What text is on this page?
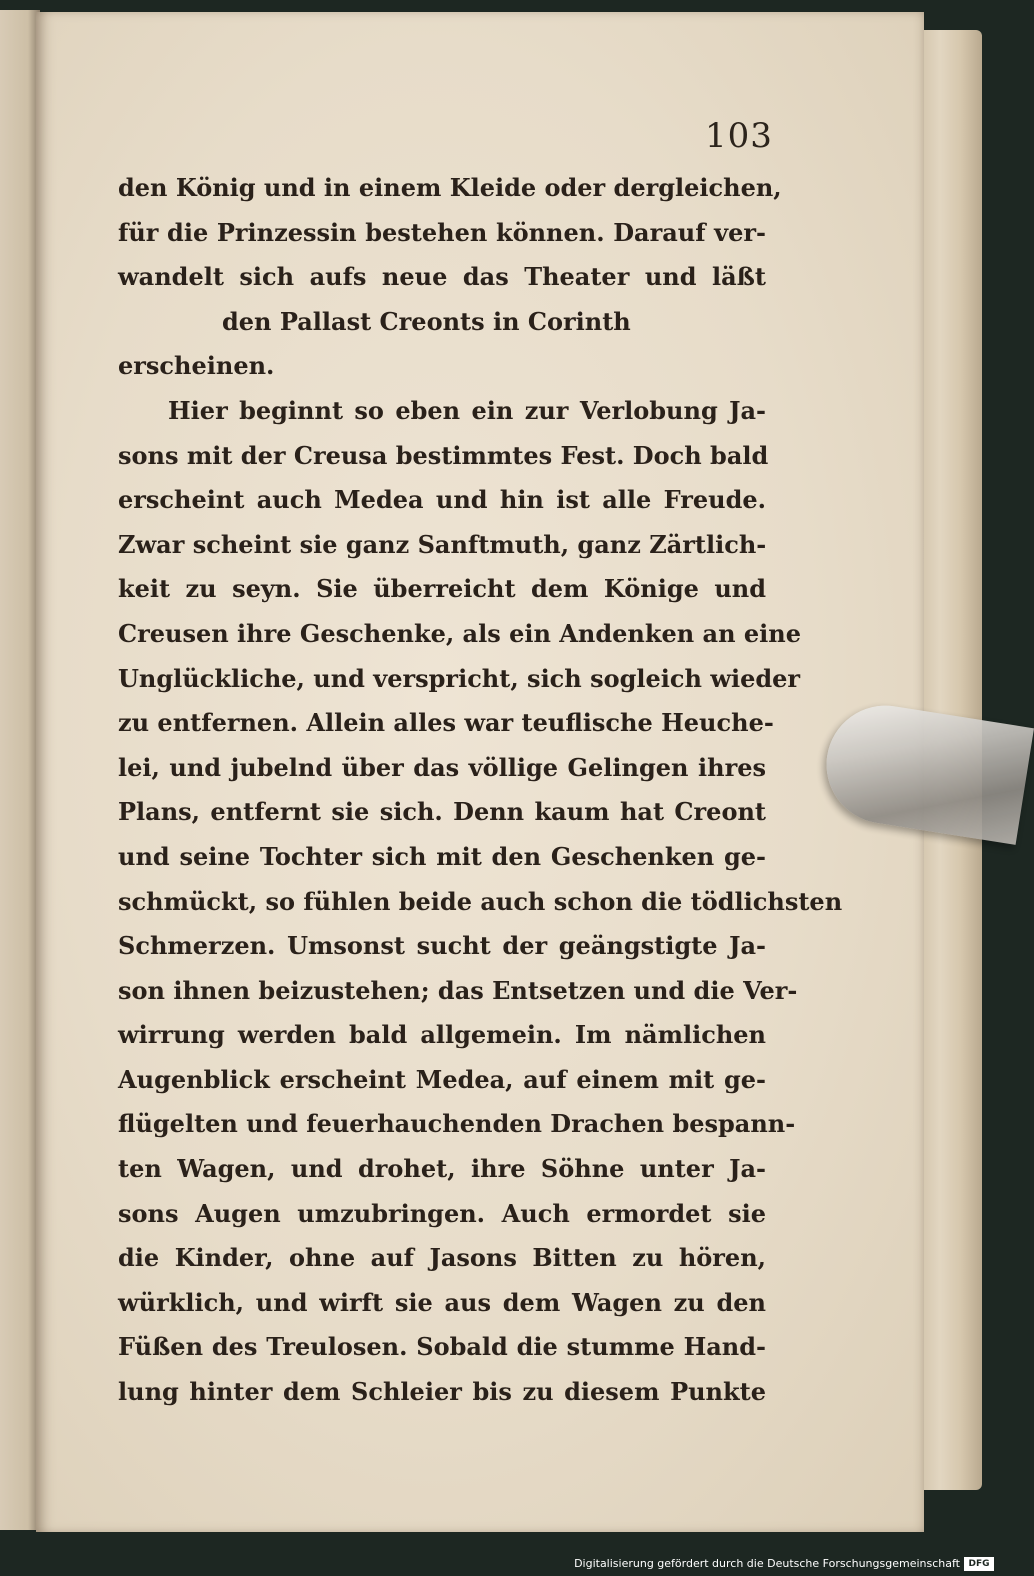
103
den König und in einem Kleide oder dergleichen,
für die Prinzessin bestehen können. Darauf ver-
wandelt sich aufs neue das Theater und läßt
den Pallast Creonts in Corinth
erscheinen.
Hier beginnt so eben ein zur Verlobung Ja-
sons mit der Creusa bestimmtes Fest. Doch bald
erscheint auch Medea und hin ist alle Freude.
Zwar scheint sie ganz Sanftmuth, ganz Zärtlich-
keit zu seyn. Sie überreicht dem Könige und
Creusen ihre Geschenke, als ein Andenken an eine
Unglückliche, und verspricht, sich sogleich wieder
zu entfernen. Allein alles war teuflische Heuche-
lei, und jubelnd über das völlige Gelingen ihres
Plans, entfernt sie sich. Denn kaum hat Creont
und seine Tochter sich mit den Geschenken ge-
schmückt, so fühlen beide auch schon die tödlichsten
Schmerzen. Umsonst sucht der geängstigte Ja-
son ihnen beizustehen; das Entsetzen und die Ver-
wirrung werden bald allgemein. Im nämlichen
Augenblick erscheint Medea, auf einem mit ge-
flügelten und feuerhauchenden Drachen bespann-
ten Wagen, und drohet, ihre Söhne unter Ja-
sons Augen umzubringen. Auch ermordet sie
die Kinder, ohne auf Jasons Bitten zu hören,
würklich, und wirft sie aus dem Wagen zu den
Füßen des Treulosen. Sobald die stumme Hand-
lung hinter dem Schleier bis zu diesem Punkte
Digitalisierung gefördert durch die Deutsche Forschungsgemeinschaft DFG
